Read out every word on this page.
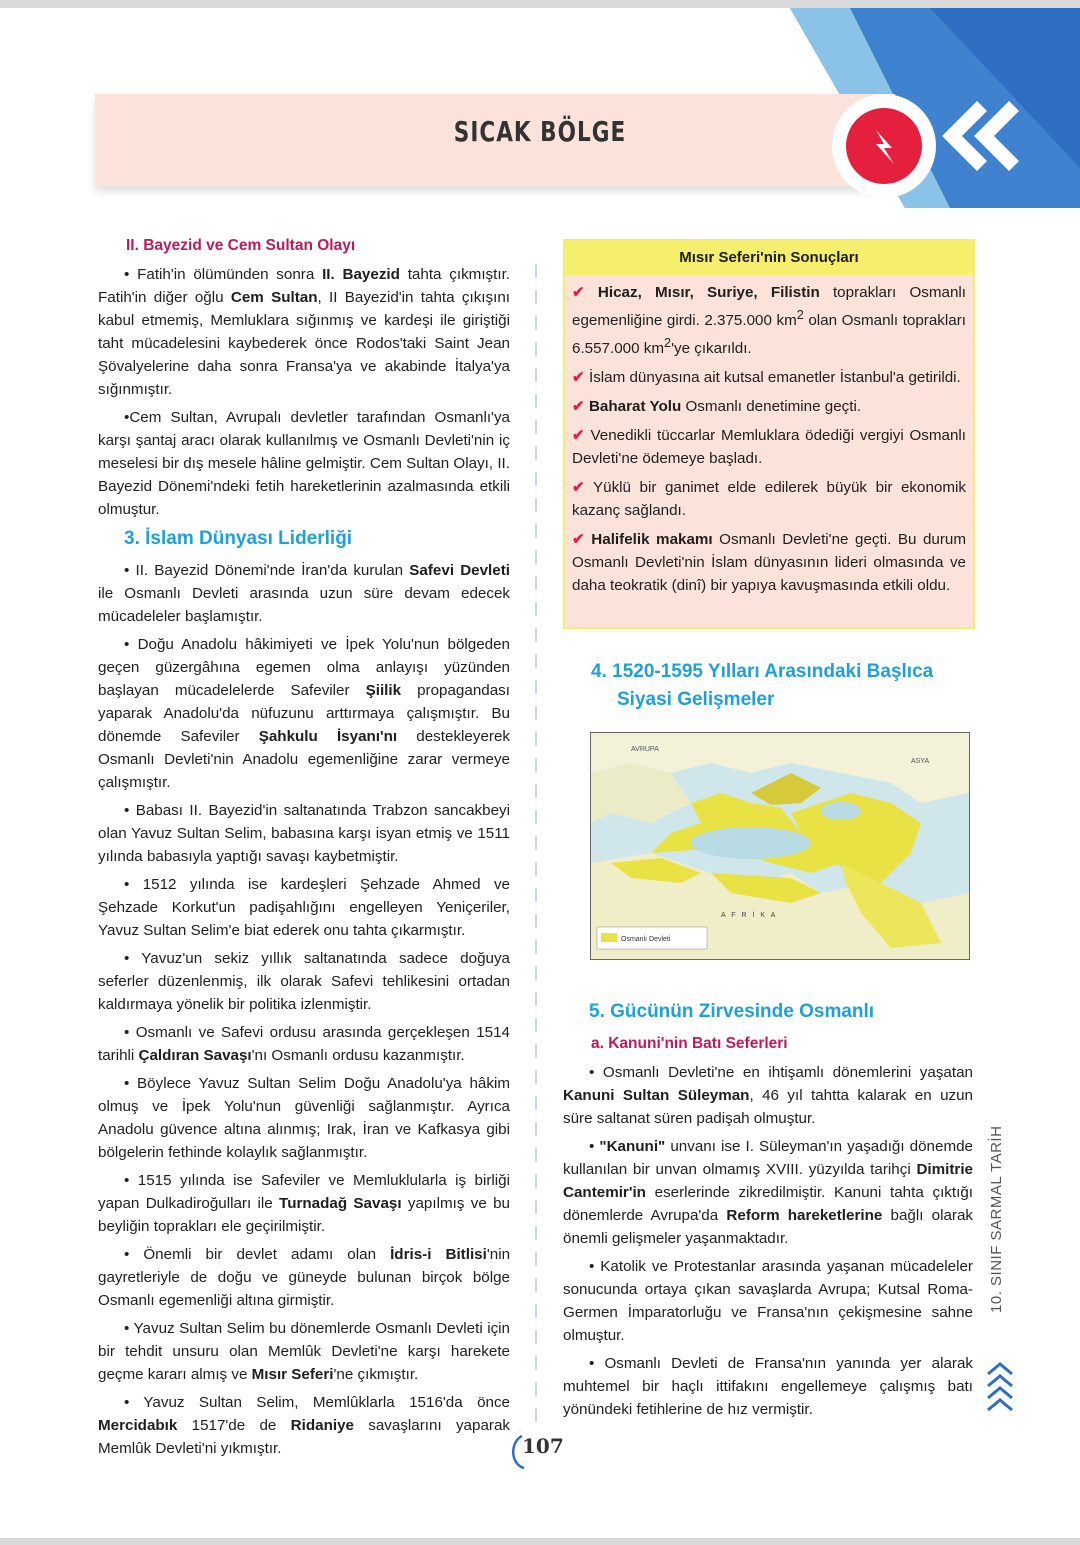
SICAK BÖLGE
II. Bayezid ve Cem Sultan Olayı

• Fatih'in ölümünden sonra II. Bayezid tahta çıkmıştır. Fatih'in diğer oğlu Cem Sultan, II Bayezid'in tahta çıkışını kabul etmemiş, Memluklara sığınmış ve kardeşi ile giriştiği taht mücadelesini kaybederek önce Rodos'taki Saint Jean Şövalyelerine daha sonra Fransa'ya ve akabinde İtalya'ya sığınmıştır.

•Cem Sultan, Avrupalı devletler tarafından Osmanlı'ya karşı şantaj aracı olarak kullanılmış ve Osmanlı Devleti'nin iç meselesi bir dış mesele hâline gelmiştir. Cem Sultan Olayı, II. Bayezid Dönemi'ndeki fetih hareketlerinin azalmasında etkili olmuştur.

3. İslam Dünyası Liderliği

• II. Bayezid Dönemi'nde İran'da kurulan Safevi Devleti ile Osmanlı Devleti arasında uzun süre devam edecek mücadeleler başlamıştır.

• Doğu Anadolu hâkimiyeti ve İpek Yolu'nun bölgeden geçen güzergâhına egemen olma anlayışı yüzünden başlayan mücadelelerde Safeviler Şiilik propagandası yaparak Anadolu'da nüfuzunu arttırmaya çalışmıştır. Bu dönemde Safeviler Şahkulu İsyanı'nı destekleyerek Osmanlı Devleti'nin Anadolu egemenliğine zarar vermeye çalışmıştır.

• Babası II. Bayezid'in saltanatında Trabzon sancakbeyi olan Yavuz Sultan Selim, babasına karşı isyan etmiş ve 1511 yılında babasıyla yaptığı savaşı kaybetmiştir.

• 1512 yılında ise kardeşleri Şehzade Ahmed ve Şehzade Korkut'un padişahlığını engelleyen Yeniçeriler, Yavuz Sultan Selim'e biat ederek onu tahta çıkarmıştır.

• Yavuz'un sekiz yıllık saltanatında sadece doğuya seferler düzenlenmiş, ilk olarak Safevi tehlikesini ortadan kaldırmaya yönelik bir politika izlenmiştir.

• Osmanlı ve Safevi ordusu arasında gerçekleşen 1514 tarihli Çaldıran Savaşı'nı Osmanlı ordusu kazanmıştır.

• Böylece Yavuz Sultan Selim Doğu Anadolu'ya hâkim olmuş ve İpek Yolu'nun güvenliği sağlanmıştır. Ayrıca Anadolu güvence altına alınmış; Irak, İran ve Kafkasya gibi bölgelerin fethinde kolaylık sağlanmıştır.

• 1515 yılında ise Safeviler ve Memluklularla iş birliği yapan Dulkadiroğulları ile Turnadağ Savaşı yapılmış ve bu beyliğin toprakları ele geçirilmiştir.

• Önemli bir devlet adamı olan İdris-i Bitlisi'nin gayretleriyle de doğu ve güneyde bulunan birçok bölge Osmanlı egemenliği altına girmiştir.

• Yavuz Sultan Selim bu dönemlerde Osmanlı Devleti için bir tehdit unsuru olan Memlûk Devleti'ne karşı harekete geçme kararı almış ve Mısır Seferi'ne çıkmıştır.

• Yavuz Sultan Selim, Memlûklarla 1516'da önce Mercidabık 1517'de de Ridaniye savaşlarını yaparak Memlûk Devleti'ni yıkmıştır.

Mısır Seferi'nin Sonuçları

✔ Hicaz, Mısır, Suriye, Filistin toprakları Osmanlı egemenliğine girdi. 2.375.000 $km^2$ olan Osmanlı toprakları 6.557.000 $km^2'ye$ çıkarıldı.

✔ İslam dünyasına ait kutsal emanetler İstanbul'a getirildi.

✔ Baharat Yolu Osmanlı denetimine geçti.

✔ Venedikli tüccarlar Memluklara ödediği vergiyi Osmanlı Devleti'ne ödemeye başladı.

✔ Yüklü bir ganimet elde edilerek büyük bir ekonomik kazanç sağlandı.

✔ Halifelik makamı Osmanlı Devleti'ne geçti. Bu durum Osmanlı Devleti'nin İslam dünyasının lideri olmasında ve daha teokratik (dinî) bir yapıya kavuşmasında etkili oldu.

4. 1520-1595 Yılları Arasındaki Başlıca Siyasi Gelişmeler
AVRUPA
A F R İ K A
ASYA
Osmanlı Devleti
5. Gücünün Zirvesinde Osmanlı
a. Kanuni'nin Batı Seferleri

• Osmanlı Devleti'ne en ihtişamlı dönemlerini yaşatan Kanuni Sultan Süleyman, 46 yıl tahtta kalarak en uzun süre saltanat süren padişah olmuştur.

• "Kanuni" unvanı ise I. Süleyman'ın yaşadığı dönemde kullanılan bir unvan olmamış XVIII. yüzyılda tarihçi Dimitrie Cantemir'in eserlerinde zikredilmiştir. Kanuni tahta çıktığı dönemlerde Avrupa'da Reform hareketlerine bağlı olarak önemli gelişmeler yaşanmaktadır.

• Katolik ve Protestanlar arasında yaşanan mücadeleler sonucunda ortaya çıkan savaşlarda Avrupa; Kutsal Roma-Germen İmparatorluğu ve Fransa'nın çekişmesine sahne olmuştur.

• Osmanlı Devleti de Fransa'nın yanında yer alarak muhtemel bir haçlı ittifakını engellemeye çalışmış batı yönündeki fetihlerine de hız vermiştir.

10. SINIF SARMAL TARİH
107
